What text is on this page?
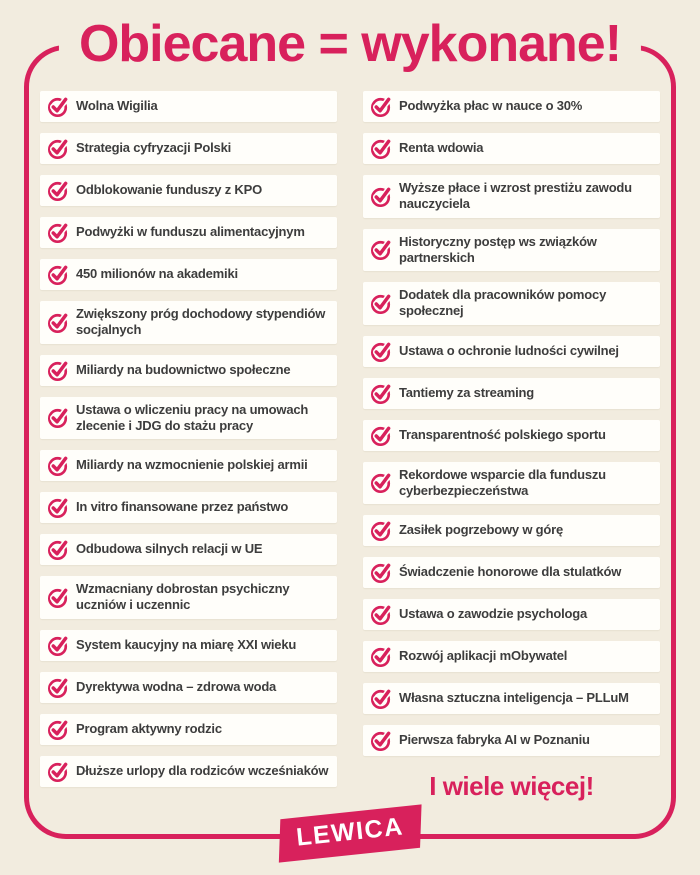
Obiecane = wykonane!
Wolna Wigilia
Strategia cyfryzacji Polski
Odblokowanie funduszy z KPO
Podwyżki w funduszu alimentacyjnym
450 milionów na akademiki
Zwiększony próg dochodowy stypendiów socjalnych
Miliardy na budownictwo społeczne
Ustawa o wliczeniu pracy na umowach zlecenie i JDG do stażu pracy
Miliardy na wzmocnienie polskiej armii
In vitro finansowane przez państwo
Odbudowa silnych relacji w UE
Wzmacniany dobrostan psychiczny uczniów i uczennic
System kaucyjny na miarę XXI wieku
Dyrektywa wodna – zdrowa woda
Program aktywny rodzic
Dłuższe urlopy dla rodziców wcześniaków
Podwyżka płac w nauce o 30%
Renta wdowia
Wyższe płace i wzrost prestiżu zawodu nauczyciela
Historyczny postęp ws związków partnerskich
Dodatek dla pracowników pomocy społecznej
Ustawa o ochronie ludności cywilnej
Tantiemy za streaming
Transparentność polskiego sportu
Rekordowe wsparcie dla funduszu cyberbezpieczeństwa
Zasiłek pogrzebowy w górę
Świadczenie honorowe dla stulatków
Ustawa o zawodzie psychologa
Rozwój aplikacji mObywatel
Własna sztuczna inteligencja – PLLuM
Pierwsza fabryka AI w Poznaniu
I wiele więcej!
LEWICA
